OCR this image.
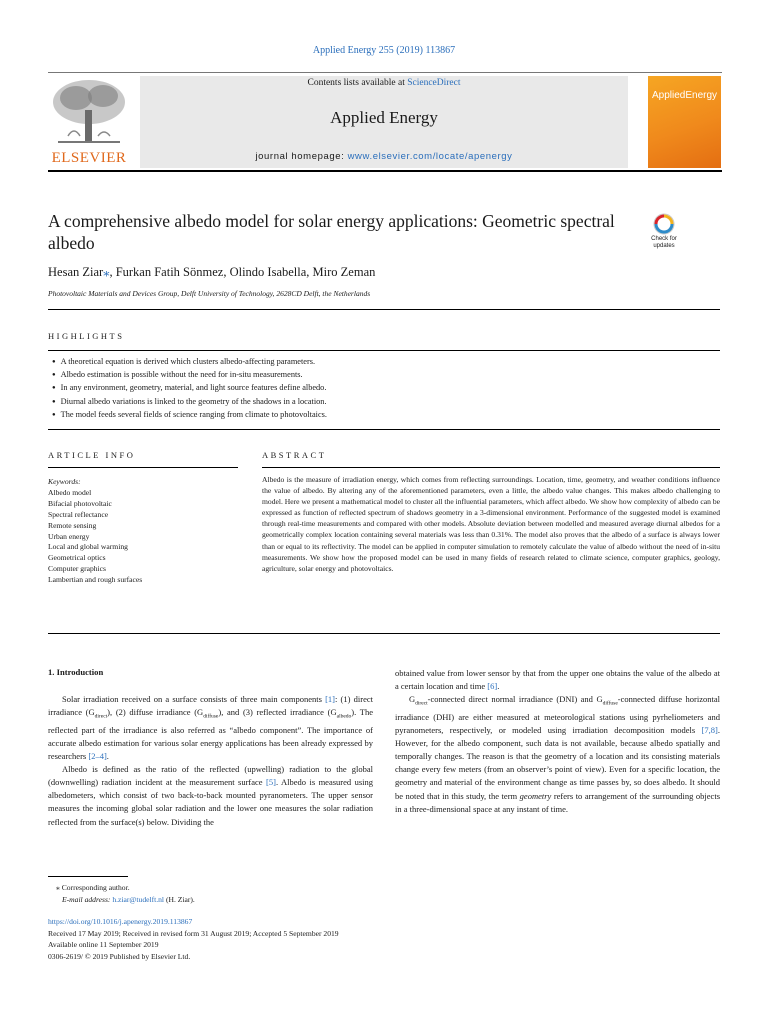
Applied Energy 255 (2019) 113867
ELSEVIER
Contents lists available at ScienceDirect
Applied Energy
journal homepage: www.elsevier.com/locate/apenergy
AppliedEnergy
A comprehensive albedo model for solar energy applications: Geometric spectral albedo	Check for updates
Hesan Ziar⁎, Furkan Fatih Sönmez, Olindo Isabella, Miro Zeman
Photovoltaic Materials and Devices Group, Delft University of Technology, 2628CD Delft, the Netherlands
HIGHLIGHTS
● A theoretical equation is derived which clusters albedo-affecting parameters.
● Albedo estimation is possible without the need for in-situ measurements.
● In any environment, geometry, material, and light source features define albedo.
● Diurnal albedo variations is linked to the geometry of the shadows in a location.
● The model feeds several fields of science ranging from climate to photovoltaics.
ARTICLE INFO	ABSTRACT
Keywords:
Albedo model
Bifacial photovoltaic
Spectral reflectance
Remote sensing
Urban energy
Local and global warming
Geometrical optics
Computer graphics
Lambertian and rough surfaces
Albedo is the measure of irradiation energy, which comes from reflecting surroundings. Location, time, geometry, and weather conditions influence the value of albedo. By altering any of the aforementioned parameters, even a little, the albedo value changes. This makes albedo challenging to model. Here we present a mathematical model to cluster all the influential parameters, which affect albedo. We show how complexity of albedo can be expressed as function of reflected spectrum of shadows geometry in a 3-dimensional environment. Performance of the suggested model is examined through real-time measurements and compared with other models. Absolute deviation between modelled and measured average diurnal albedos for a geometrically complex location containing several materials was less than 0.31%. The model also proves that the albedo of a surface is always lower than or equal to its reflectivity. The model can be applied in computer simulation to remotely calculate the value of albedo without the need of in-situ measurements. We show how the proposed model can be used in many fields of research related to climate science, computer graphics, geology, agriculture, solar energy and photovoltaics.
1. Introduction

Solar irradiation received on a surface consists of three main components [1]: (1) direct irradiance $(G_{direct})$, (2) diffuse irradiance $(G_{diffuse})$, and (3) reflected irradiance $(G_{albedo})$. The reflected part of the irradiance is also referred as “albedo component”. The importance of accurate albedo estimation for various solar energy applications has been already expressed by researchers [2–4].

Albedo is defined as the ratio of the reflected (upwelling) radiation to the global (downwelling) radiation incident at the measurement surface [5]. Albedo is measured using albedometers, which consist of two back-to-back mounted pyranometers. The upper sensor measures the incoming global solar radiation and the lower one measures the solar radiation reflected from the surface(s) below. Dividing the

obtained value from lower sensor by that from the upper one obtains the value of the albedo at a certain location and time [6].

$G_{direct}$-connected direct normal irradiance (DNI) and $G_{diffuse}$-connected diffuse horizontal irradiance (DHI) are either measured at meteorological stations using pyrheliometers and pyranometers, respectively, or modeled using irradiation decomposition models [7,8]. However, for the albedo component, such data is not available, because albedo spatially and temporally changes. The reason is that the geometry of a location and its consisting materials change every few meters (from an observer’s point of view). Even for a specific location, the geometry and material of the environment change as time passes by, so does albedo. It should be noted that in this study, the term geometry refers to arrangement of the surrounding objects in a three-dimensional space at any instant of time.

⁎ Corresponding author.
E-mail address: h.ziar@tudelft.nl (H. Ziar).
https://doi.org/10.1016/j.apenergy.2019.113867
Received 17 May 2019; Received in revised form 31 August 2019; Accepted 5 September 2019
Available online 11 September 2019
0306-2619/ © 2019 Published by Elsevier Ltd.
